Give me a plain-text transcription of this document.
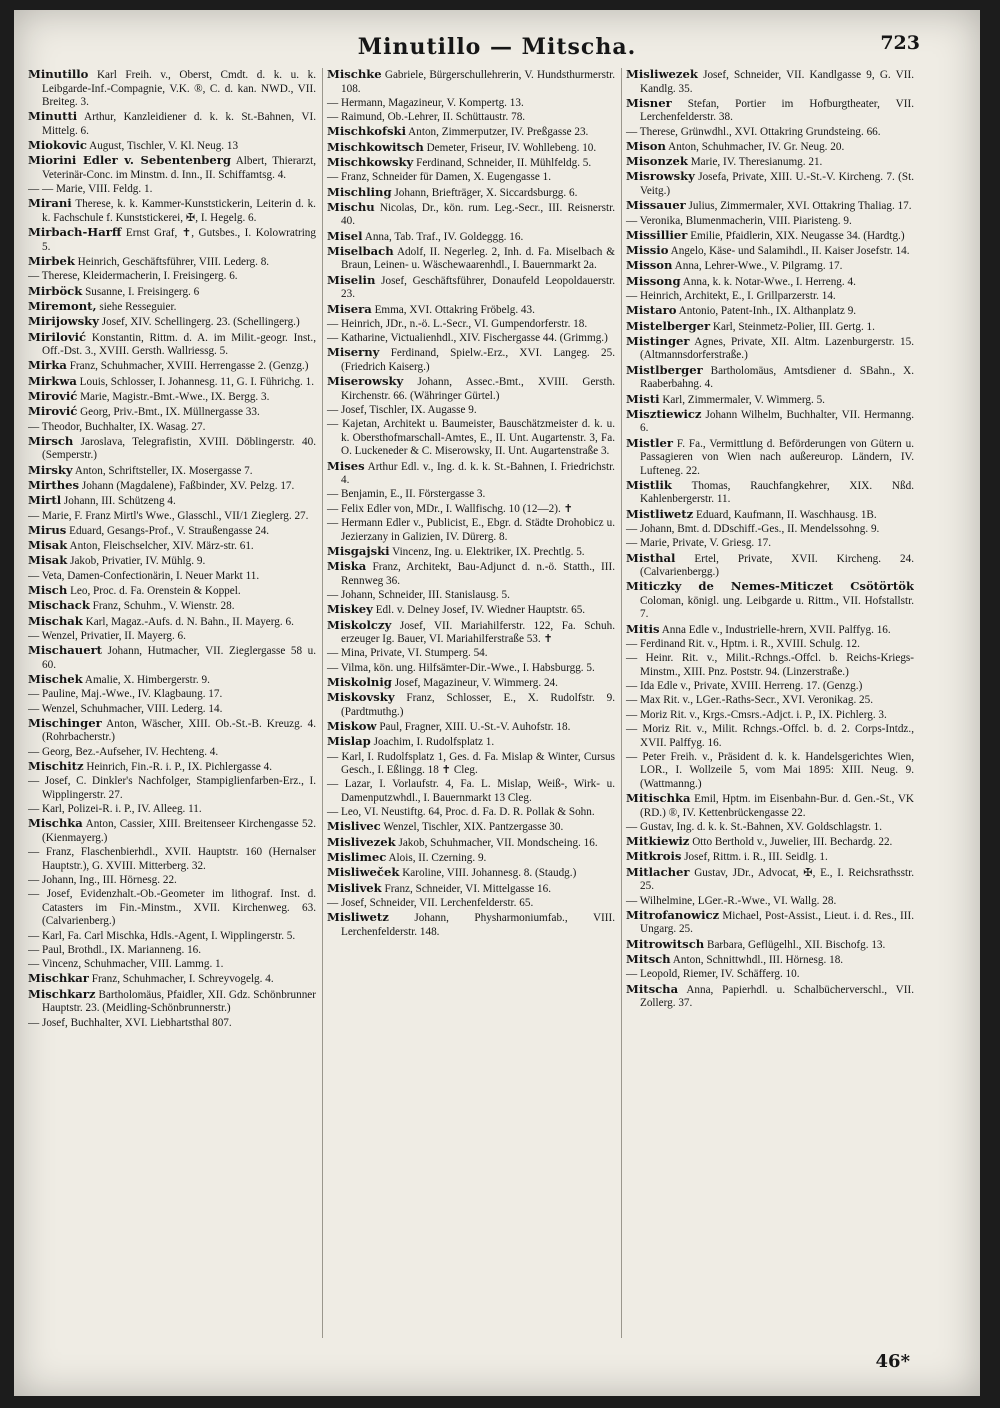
Minutillo — Mitscha.	723

Minutillo Karl Freih. v., Oberst, Cmdt. d. k. u. k. Leibgarde-Inf.-Compagnie, V.K. ®, C. d. kan. NWD., VII. Breiteg. 3.

Minutti Arthur, Kanzleidiener d. k. k. St.-Bahnen, VI. Mittelg. 6.

Miokovic August, Tischler, V. Kl. Neug. 13

Miorini Edler v. Sebentenberg Albert, Thierarzt, Veterinär-Conc. im Minstm. d. Inn., II. Schiffamtsg. 4.

— — Marie, VIII. Feldg. 1.

Mirani Therese, k. k. Kammer-Kunststickerin, Leiterin d. k. k. Fachschule f. Kunststickerei, ✠, I. Hegelg. 6.

Mirbach-Harff Ernst Graf, ✝, Gutsbes., I. Kolowratring 5.

Mirbek Heinrich, Geschäftsführer, VIII. Lederg. 8.

— Therese, Kleidermacherin, I. Freisingerg. 6.

Mirböck Susanne, I. Freisingerg. 6

Miremont, siehe Resseguier.

Mirijowsky Josef, XIV. Schellingerg. 23. (Schellingerg.)

Mirilović Konstantin, Rittm. d. A. im Milit.-geogr. Inst., Off.-Dst. 3., XVIII. Gersth. Wallriessg. 5.

Mirka Franz, Schuhmacher, XVIII. Herrengasse 2. (Genzg.)

Mirkwa Louis, Schlosser, I. Johannesg. 11, G. I. Führichg. 1.

Mirović Marie, Magistr.-Bmt.-Wwe., IX. Bergg. 3.

Mirović Georg, Priv.-Bmt., IX. Müllnergasse 33.

— Theodor, Buchhalter, IX. Wasag. 27.

Mirsch Jaroslava, Telegrafistin, XVIII. Döblingerstr. 40. (Semperstr.)

Mirsky Anton, Schriftsteller, IX. Mosergasse 7.

Mirthes Johann (Magdalene), Faßbinder, XV. Pelzg. 17.

Mirtl Johann, III. Schützeng 4.

— Marie, F. Franz Mirtl's Wwe., Glasschl., VII/1 Zieglerg. 27.

Mirus Eduard, Gesangs-Prof., V. Straußengasse 24.

Misak Anton, Fleischselcher, XIV. März-str. 61.

Misak Jakob, Privatier, IV. Mühlg. 9.

— Veta, Damen-Confectionärin, I. Neuer Markt 11.

Misch Leo, Proc. d. Fa. Orenstein & Koppel.

Mischack Franz, Schuhm., V. Wienstr. 28.

Mischak Karl, Magaz.-Aufs. d. N. Bahn., II. Mayerg. 6.

— Wenzel, Privatier, II. Mayerg. 6.

Mischauert Johann, Hutmacher, VII. Zieglergasse 58 u. 60.

Mischek Amalie, X. Himbergerstr. 9.

— Pauline, Maj.-Wwe., IV. Klagbaung. 17.

— Wenzel, Schuhmacher, VIII. Lederg. 14.

Mischinger Anton, Wäscher, XIII. Ob.-St.-B. Kreuzg. 4. (Rohrbacherstr.)

— Georg, Bez.-Aufseher, IV. Hechteng. 4.

Mischitz Heinrich, Fin.-R. i. P., IX. Pichlergasse 4.

— Josef, C. Dinkler's Nachfolger, Stampiglienfarben-Erz., I. Wipplingerstr. 27.

— Karl, Polizei-R. i. P., IV. Alleeg. 11.

Mischka Anton, Cassier, XIII. Breitenseer Kirchengasse 52. (Kienmayerg.)

— Franz, Flaschenbierhdl., XVII. Hauptstr. 160 (Hernalser Hauptstr.), G. XVIII. Mitterberg. 32.

— Johann, Ing., III. Hörnesg. 22.

— Josef, Evidenzhalt.-Ob.-Geometer im lithograf. Inst. d. Catasters im Fin.-Minstm., XVII. Kirchenweg. 63. (Calvarienberg.)

— Karl, Fa. Carl Mischka, Hdls.-Agent, I. Wipplingerstr. 5.

— Paul, Brothdl., IX. Marianneng. 16.

— Vincenz, Schuhmacher, VIII. Lammg. 1.

Mischkar Franz, Schuhmacher, I. Schreyvogelg. 4.

Mischkarz Bartholomäus, Pfaidler, XII. Gdz. Schönbrunner Hauptstr. 23. (Meidling-Schönbrunnerstr.)

— Josef, Buchhalter, XVI. Liebhartsthal 807.

Mischke Gabriele, Bürgerschullehrerin, V. Hundsthurmerstr. 108.

— Hermann, Magazineur, V. Kompertg. 13.

— Raimund, Ob.-Lehrer, II. Schüttaustr. 78.

Mischkofski Anton, Zimmerputzer, IV. Preßgasse 23.

Mischkowitsch Demeter, Friseur, IV. Wohllebeng. 10.

Mischkowsky Ferdinand, Schneider, II. Mühlfeldg. 5.

— Franz, Schneider für Damen, X. Eugengasse 1.

Mischling Johann, Briefträger, X. Siccardsburgg. 6.

Mischu Nicolas, Dr., kön. rum. Leg.-Secr., III. Reisnerstr. 40.

Misel Anna, Tab. Traf., IV. Goldeggg. 16.

Miselbach Adolf, II. Negerleg. 2, Inh. d. Fa. Miselbach & Braun, Leinen- u. Wäschewaarenhdl., I. Bauernmarkt 2a.

Miselin Josef, Geschäftsführer, Donaufeld Leopoldauerstr. 23.

Misera Emma, XVI. Ottakring Fröbelg. 43.

— Heinrich, JDr., n.-ö. L.-Secr., VI. Gumpendorferstr. 18.

— Katharine, Victualienhdl., XIV. Fischergasse 44. (Grimmg.)

Miserny Ferdinand, Spielw.-Erz., XVI. Langeg. 25. (Friedrich Kaiserg.)

Miserowsky Johann, Assec.-Bmt., XVIII. Gersth. Kirchenstr. 66. (Währinger Gürtel.)

— Josef, Tischler, IX. Augasse 9.

— Kajetan, Architekt u. Baumeister, Bauschätzmeister d. k. u. k. Obersthofmarschall-Amtes, E., II. Unt. Augartenstr. 3, Fa. O. Luckeneder & C. Miserowsky, II. Unt. Augartenstraße 3.

Mises Arthur Edl. v., Ing. d. k. k. St.-Bahnen, I. Friedrichstr. 4.

— Benjamin, E., II. Förstergasse 3.

— Felix Edler von, MDr., I. Wallfischg. 10 (12—2). ✝

— Hermann Edler v., Publicist, E., Ebgr. d. Städte Drohobicz u. Jezierzany in Galizien, IV. Dürerg. 8.

Misgajski Vincenz, Ing. u. Elektriker, IX. Prechtlg. 5.

Miska Franz, Architekt, Bau-Adjunct d. n.-ö. Statth., III. Rennweg 36.

— Johann, Schneider, III. Stanislausg. 5.

Miskey Edl. v. Delney Josef, IV. Wiedner Hauptstr. 65.

Miskolczy Josef, VII. Mariahilferstr. 122, Fa. Schuh. erzeuger Ig. Bauer, VI. Mariahilferstraße 53. ✝

— Mina, Private, VI. Stumperg. 54.

— Vilma, kön. ung. Hilfsämter-Dir.-Wwe., I. Habsburgg. 5.

Miskolnig Josef, Magazineur, V. Wimmerg. 24.

Miskovsky Franz, Schlosser, E., X. Rudolfstr. 9. (Pardtmuthg.)

Miskow Paul, Fragner, XIII. U.-St.-V. Auhofstr. 18.

Mislap Joachim, I. Rudolfsplatz 1.

— Karl, I. Rudolfsplatz 1, Ges. d. Fa. Mislap & Winter, Cursus Gesch., I. Eßlingg. 18 ✝ Cleg.

— Lazar, I. Vorlaufstr. 4, Fa. L. Mislap, Weiß-, Wirk- u. Damenputzwhdl., I. Bauernmarkt 13 Cleg.

— Leo, VI. Neustiftg. 64, Proc. d. Fa. D. R. Pollak & Sohn.

Mislivec Wenzel, Tischler, XIX. Pantzergasse 30.

Mislivezek Jakob, Schuhmacher, VII. Mondscheing. 16.

Mislimec Alois, II. Czerning. 9.

Misliweček Karoline, VIII. Johannesg. 8. (Staudg.)

Mislivek Franz, Schneider, VI. Mittelgasse 16.

— Josef, Schneider, VII. Lerchenfelderstr. 65.

Misliwetz Johann, Physharmoniumfab., VIII. Lerchenfelderstr. 148.

Misliwezek Josef, Schneider, VII. Kandlgasse 9, G. VII. Kandlg. 35.

Misner Stefan, Portier im Hofburgtheater, VII. Lerchenfelderstr. 38.

— Therese, Grünwdhl., XVI. Ottakring Grundsteing. 66.

Mison Anton, Schuhmacher, IV. Gr. Neug. 20.

Misonzek Marie, IV. Theresianumg. 21.

Misrowsky Josefa, Private, XIII. U.-St.-V. Kircheng. 7. (St. Veitg.)

Missauer Julius, Zimmermaler, XVI. Ottakring Thaliag. 17.

— Veronika, Blumenmacherin, VIII. Piaristeng. 9.

Missillier Emilie, Pfaidlerin, XIX. Neugasse 34. (Hardtg.)

Missio Angelo, Käse- und Salamihdl., II. Kaiser Josefstr. 14.

Misson Anna, Lehrer-Wwe., V. Pilgramg. 17.

Missong Anna, k. k. Notar-Wwe., I. Herreng. 4.

— Heinrich, Architekt, E., I. Grillparzerstr. 14.

Mistaro Antonio, Patent-Inh., IX. Althanplatz 9.

Mistelberger Karl, Steinmetz-Polier, III. Gertg. 1.

Mistinger Agnes, Private, XII. Altm. Lazenburgerstr. 15. (Altmannsdorferstraße.)

Mistlberger Bartholomäus, Amtsdiener d. SBahn., X. Raaberbahng. 4.

Misti Karl, Zimmermaler, V. Wimmerg. 5.

Misztiewicz Johann Wilhelm, Buchhalter, VII. Hermanng. 6.

Mistler F. Fa., Vermittlung d. Beförderungen von Gütern u. Passagieren von Wien nach außereurop. Ländern, IV. Lufteneg. 22.

Mistlik Thomas, Rauchfangkehrer, XIX. Nßd. Kahlenbergerstr. 11.

Mistliwetz Eduard, Kaufmann, II. Waschhausg. 1B.

— Johann, Bmt. d. DDschiff.-Ges., II. Mendelssohng. 9.

— Marie, Private, V. Griesg. 17.

Misthal Ertel, Private, XVII. Kircheng. 24. (Calvarienbergg.)

Miticzky de Nemes-Miticzet Csötörtök Coloman, königl. ung. Leibgarde u. Rittm., VII. Hofstallstr. 7.

Mitis Anna Edle v., Industrielle-hrern, XVII. Palffyg. 16.

— Ferdinand Rit. v., Hptm. i. R., XVIII. Schulg. 12.

— Heinr. Rit. v., Milit.-Rchngs.-Offcl. b. Reichs-Kriegs-Minstm., XIII. Pnz. Poststr. 94. (Linzerstraße.)

— Ida Edle v., Private, XVIII. Herreng. 17. (Genzg.)

— Max Rit. v., LGer.-Raths-Secr., XVI. Veronikag. 25.

— Moriz Rit. v., Krgs.-Cmsrs.-Adjct. i. P., IX. Pichlerg. 3.

— Moriz Rit. v., Milit. Rchngs.-Offcl. b. d. 2. Corps-Intdz., XVII. Palffyg. 16.

— Peter Freih. v., Präsident d. k. k. Handelsgerichtes Wien, LOR., I. Wollzeile 5, vom Mai 1895: XIII. Neug. 9. (Wattmanng.)

Mitischka Emil, Hptm. im Eisenbahn-Bur. d. Gen.-St., VK (RD.) ®, IV. Kettenbrückengasse 22.

— Gustav, Ing. d. k. k. St.-Bahnen, XV. Goldschlagstr. 1.

Mitkiewiz Otto Berthold v., Juwelier, III. Bechardg. 22.

Mitkrois Josef, Rittm. i. R., III. Seidlg. 1.

Mitlacher Gustav, JDr., Advocat, ✠, E., I. Reichsrathsstr. 25.

— Wilhelmine, LGer.-R.-Wwe., VI. Wallg. 28.

Mitrofanowicz Michael, Post-Assist., Lieut. i. d. Res., III. Ungarg. 25.

Mitrowitsch Barbara, Geflügelhl., XII. Bischofg. 13.

Mitsch Anton, Schnittwhdl., III. Hörnesg. 18.

— Leopold, Riemer, IV. Schäfferg. 10.

Mitscha Anna, Papierhdl. u. Schalbücherverschl., VII. Zollerg. 37.

46*
